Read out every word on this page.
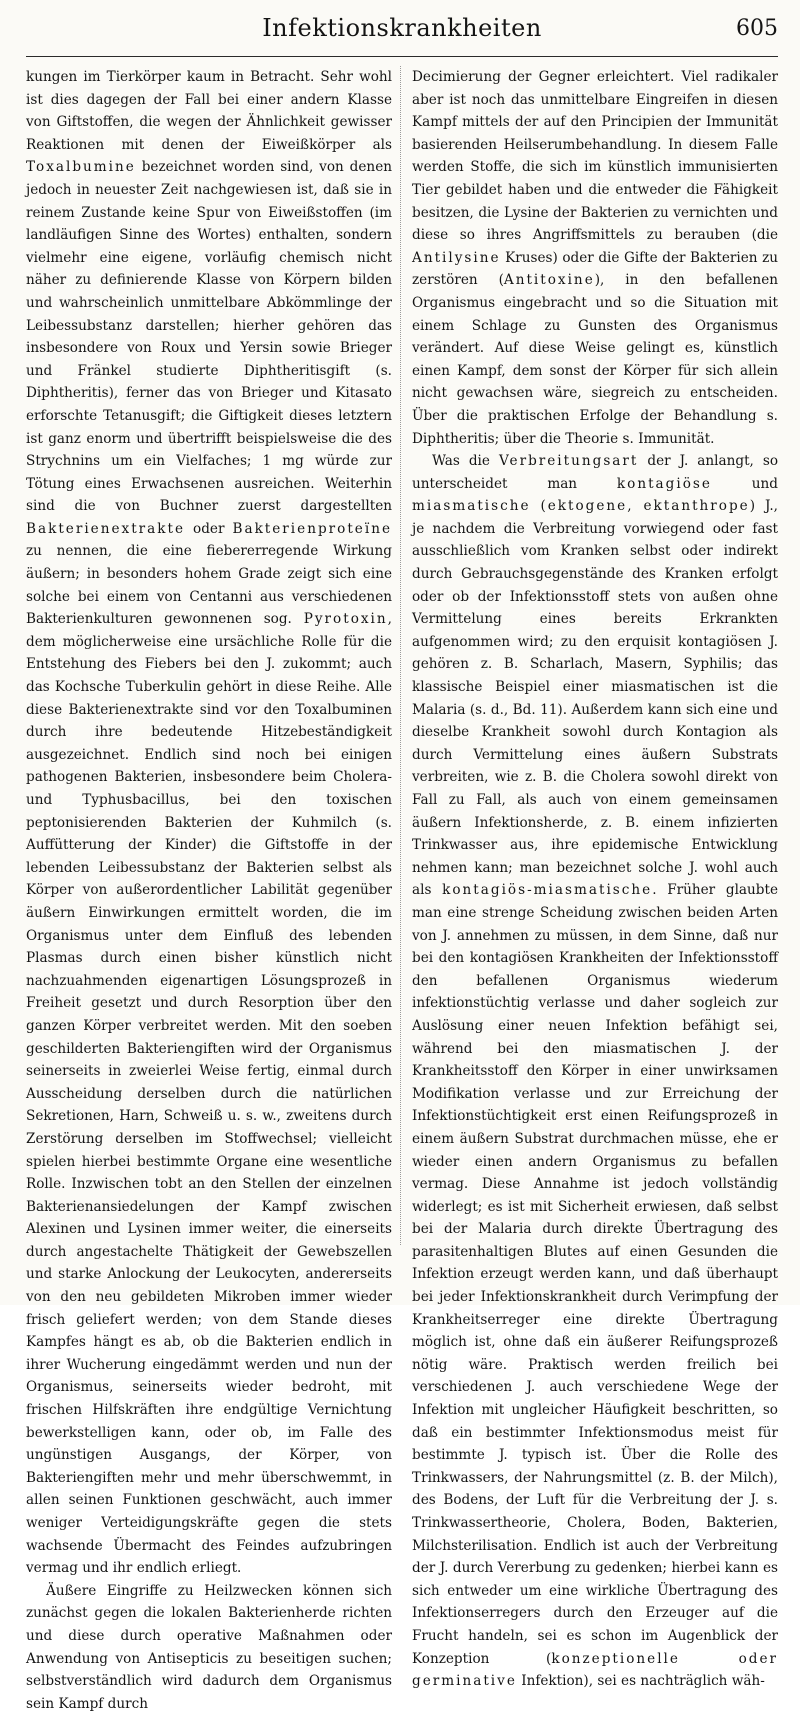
Infektionskrankheiten	605

kungen im Tierkörper kaum in Betracht. Sehr wohl ist dies dagegen der Fall bei einer andern Klasse von Giftstoffen, die wegen der Ähnlichkeit gewisser Reaktionen mit denen der Eiweißkörper als Toxalbumine bezeichnet worden sind, von denen jedoch in neuester Zeit nachgewiesen ist, daß sie in reinem Zustande keine Spur von Eiweißstoffen (im landläufigen Sinne des Wortes) enthalten, sondern vielmehr eine eigene, vorläufig chemisch nicht näher zu definierende Klasse von Körpern bilden und wahrscheinlich unmittelbare Abkömmlinge der Leibessubstanz darstellen; hierher gehören das insbesondere von Roux und Yersin sowie Brieger und Fränkel studierte Diphtheritisgift (s. Diphtheritis), ferner das von Brieger und Kitasato erforschte Tetanusgift; die Giftigkeit dieses letztern ist ganz enorm und übertrifft beispielsweise die des Strychnins um ein Vielfaches; 1 mg würde zur Tötung eines Erwachsenen ausreichen. Weiterhin sind die von Buchner zuerst dargestellten Bakterienextrakte oder Bakterienproteïne zu nennen, die eine fiebererregende Wirkung äußern; in besonders hohem Grade zeigt sich eine solche bei einem von Centanni aus verschiedenen Bakterienkulturen gewonnenen sog. Pyrotoxin, dem möglicherweise eine ursächliche Rolle für die Entstehung des Fiebers bei den J. zukommt; auch das Kochsche Tuberkulin gehört in diese Reihe. Alle diese Bakterienextrakte sind vor den Toxalbuminen durch ihre bedeutende Hitzebeständigkeit ausgezeichnet. Endlich sind noch bei einigen pathogenen Bakterien, insbesondere beim Cholera- und Typhusbacillus, bei den toxischen peptonisierenden Bakterien der Kuhmilch (s. Auffütterung der Kinder) die Giftstoffe in der lebenden Leibessubstanz der Bakterien selbst als Körper von außerordentlicher Labilität gegenüber äußern Einwirkungen ermittelt worden, die im Organismus unter dem Einfluß des lebenden Plasmas durch einen bisher künstlich nicht nachzuahmenden eigenartigen Lösungsprozeß in Freiheit gesetzt und durch Resorption über den ganzen Körper verbreitet werden. Mit den soeben geschilderten Bakteriengiften wird der Organismus seinerseits in zweierlei Weise fertig, einmal durch Ausscheidung derselben durch die natürlichen Sekretionen, Harn, Schweiß u. s. w., zweitens durch Zerstörung derselben im Stoffwechsel; vielleicht spielen hierbei bestimmte Organe eine wesentliche Rolle. Inzwischen tobt an den Stellen der einzelnen Bakterienansiedelungen der Kampf zwischen Alexinen und Lysinen immer weiter, die einerseits durch angestachelte Thätigkeit der Gewebszellen und starke Anlockung der Leukocyten, andererseits von den neu gebildeten Mikroben immer wieder frisch geliefert werden; von dem Stande dieses Kampfes hängt es ab, ob die Bakterien endlich in ihrer Wucherung eingedämmt werden und nun der Organismus, seinerseits wieder bedroht, mit frischen Hilfskräften ihre endgültige Vernichtung bewerkstelligen kann, oder ob, im Falle des ungünstigen Ausgangs, der Körper, von Bakteriengiften mehr und mehr überschwemmt, in allen seinen Funktionen geschwächt, auch immer weniger Verteidigungskräfte gegen die stets wachsende Übermacht des Feindes aufzubringen vermag und ihr endlich erliegt.

Äußere Eingriffe zu Heilzwecken können sich zunächst gegen die lokalen Bakterienherde richten und diese durch operative Maßnahmen oder Anwendung von Antisepticis zu beseitigen suchen; selbstverständlich wird dadurch dem Organismus sein Kampf durch

Decimierung der Gegner erleichtert. Viel radikaler aber ist noch das unmittelbare Eingreifen in diesen Kampf mittels der auf den Principien der Immunität basierenden Heilserumbehandlung. In diesem Falle werden Stoffe, die sich im künstlich immunisierten Tier gebildet haben und die entweder die Fähigkeit besitzen, die Lysine der Bakterien zu vernichten und diese so ihres Angriffsmittels zu berauben (die Antilysine Kruses) oder die Gifte der Bakterien zu zerstören (Antitoxine), in den befallenen Organismus eingebracht und so die Situation mit einem Schlage zu Gunsten des Organismus verändert. Auf diese Weise gelingt es, künstlich einen Kampf, dem sonst der Körper für sich allein nicht gewachsen wäre, siegreich zu entscheiden. Über die praktischen Erfolge der Behandlung s. Diphtheritis; über die Theorie s. Immunität.

Was die Verbreitungsart der J. anlangt, so unterscheidet man kontagiöse und miasmatische (ektogene, ektanthrope) J., je nachdem die Verbreitung vorwiegend oder fast ausschließlich vom Kranken selbst oder indirekt durch Gebrauchsgegenstände des Kranken erfolgt oder ob der Infektionsstoff stets von außen ohne Vermittelung eines bereits Erkrankten aufgenommen wird; zu den erquisit kontagiösen J. gehören z. B. Scharlach, Masern, Syphilis; das klassische Beispiel einer miasmatischen ist die Malaria (s. d., Bd. 11). Außerdem kann sich eine und dieselbe Krankheit sowohl durch Kontagion als durch Vermittelung eines äußern Substrats verbreiten, wie z. B. die Cholera sowohl direkt von Fall zu Fall, als auch von einem gemeinsamen äußern Infektionsherde, z. B. einem infizierten Trinkwasser aus, ihre epidemische Entwicklung nehmen kann; man bezeichnet solche J. wohl auch als kontagiös-miasmatische. Früher glaubte man eine strenge Scheidung zwischen beiden Arten von J. annehmen zu müssen, in dem Sinne, daß nur bei den kontagiösen Krankheiten der Infektionsstoff den befallenen Organismus wiederum infektionstüchtig verlasse und daher sogleich zur Auslösung einer neuen Infektion befähigt sei, während bei den miasmatischen J. der Krankheitsstoff den Körper in einer unwirksamen Modifikation verlasse und zur Erreichung der Infektionstüchtigkeit erst einen Reifungsprozeß in einem äußern Substrat durchmachen müsse, ehe er wieder einen andern Organismus zu befallen vermag. Diese Annahme ist jedoch vollständig widerlegt; es ist mit Sicherheit erwiesen, daß selbst bei der Malaria durch direkte Übertragung des parasitenhaltigen Blutes auf einen Gesunden die Infektion erzeugt werden kann, und daß überhaupt bei jeder Infektionskrankheit durch Verimpfung der Krankheitserreger eine direkte Übertragung möglich ist, ohne daß ein äußerer Reifungsprozeß nötig wäre. Praktisch werden freilich bei verschiedenen J. auch verschiedene Wege der Infektion mit ungleicher Häufigkeit beschritten, so daß ein bestimmter Infektionsmodus meist für bestimmte J. typisch ist. Über die Rolle des Trinkwassers, der Nahrungsmittel (z. B. der Milch), des Bodens, der Luft für die Verbreitung der J. s. Trinkwassertheorie, Cholera, Boden, Bakterien, Milchsterilisation. Endlich ist auch der Verbreitung der J. durch Vererbung zu gedenken; hierbei kann es sich entweder um eine wirkliche Übertragung des Infektionserregers durch den Erzeuger auf die Frucht handeln, sei es schon im Augenblick der Konzeption (konzeptionelle oder germinative Infektion), sei es nachträglich wäh-
